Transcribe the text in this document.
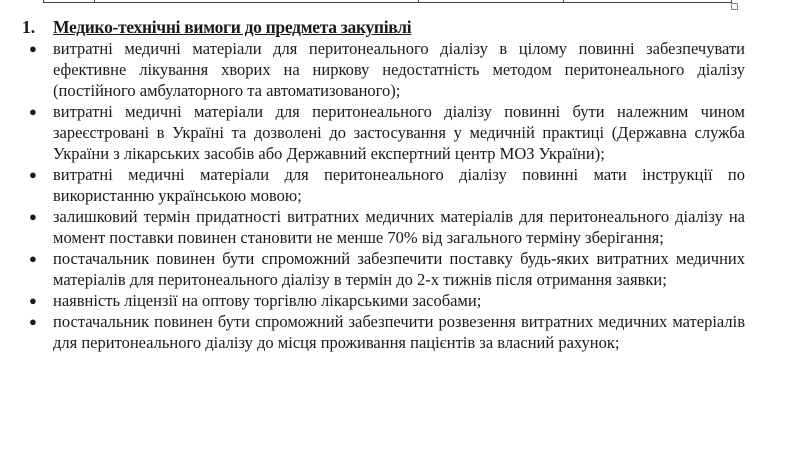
1.	Медико-технічні вимоги до предмета закупівлі
● витратні медичні матеріали для перитонеального діалізу в цілому повинні забезпечувати ефективне лікування хворих на ниркову недостатність методом перитонеального діалізу (постійного амбулаторного та автоматизованого);
● витратні медичні матеріали для перитонеального діалізу повинні бути належним чином зареєстровані в Україні та дозволені до застосування у медичній практиці (Державна служба України з лікарських засобів або Державний експертний центр МОЗ України);
● витратні медичні матеріали для перитонеального діалізу повинні мати інструкції по використанню українською мовою;
● залишковий термін придатності витратних медичних матеріалів для перитонеального діалізу на момент поставки повинен становити не менше 70% від загального терміну зберігання;
● постачальник повинен бути спроможний забезпечити поставку будь-яких витратних медичних матеріалів для перитонеального діалізу в термін до 2-х тижнів після отримання заявки;
● наявність ліцензії на оптову торгівлю лікарськими засобами;
● постачальник повинен бути спроможний забезпечити розвезення витратних медичних матеріалів для перитонеального діалізу до місця проживання пацієнтів за власний рахунок;
